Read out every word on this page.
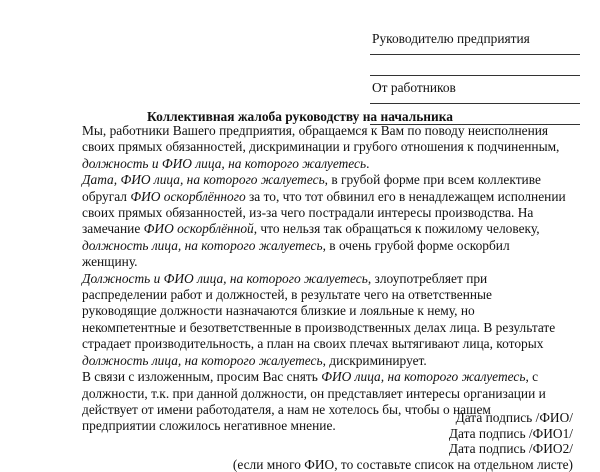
Руководителю предприятия
От работников
Коллективная жалоба руководству на начальника

Мы, работники Вашего предприятия, обращаемся к Вам по поводу неисполнения своих прямых обязанностей, дискриминации и грубого отношения к подчиненным, должность и ФИО лица, на которого жалуетесь.

Дата, ФИО лица, на которого жалуетесь, в грубой форме при всем коллективе обругал ФИО оскорблённого за то, что тот обвинил его в ненадлежащем исполнении своих прямых обязанностей, из-за чего пострадали интересы производства. На замечание ФИО оскорблённой, что нельзя так обращаться к пожилому человеку, должность лица, на которого жалуетесь, в очень грубой форме оскорбил женщину.

Должность и ФИО лица, на которого жалуетесь, злоупотребляет при распределении работ и должностей, в результате чего на ответственные руководящие должности назначаются близкие и лояльные к нему, но некомпетентные и безответственные в производственных делах лица. В результате страдает производительность, а план на своих плечах вытягивают лица, которых должность лица, на которого жалуетесь, дискриминирует.

В связи с изложенным, просим Вас снять ФИО лица, на которого жалуетесь, с должности, т.к. при данной должности, он представляет интересы организации и действует от имени работодателя, а нам не хотелось бы, чтобы о нашем предприятии сложилось негативное мнение.

Дата подпись /ФИО/
Дата подпись /ФИО1/
Дата подпись /ФИО2/
(если много ФИО, то составьте список на отдельном листе)
